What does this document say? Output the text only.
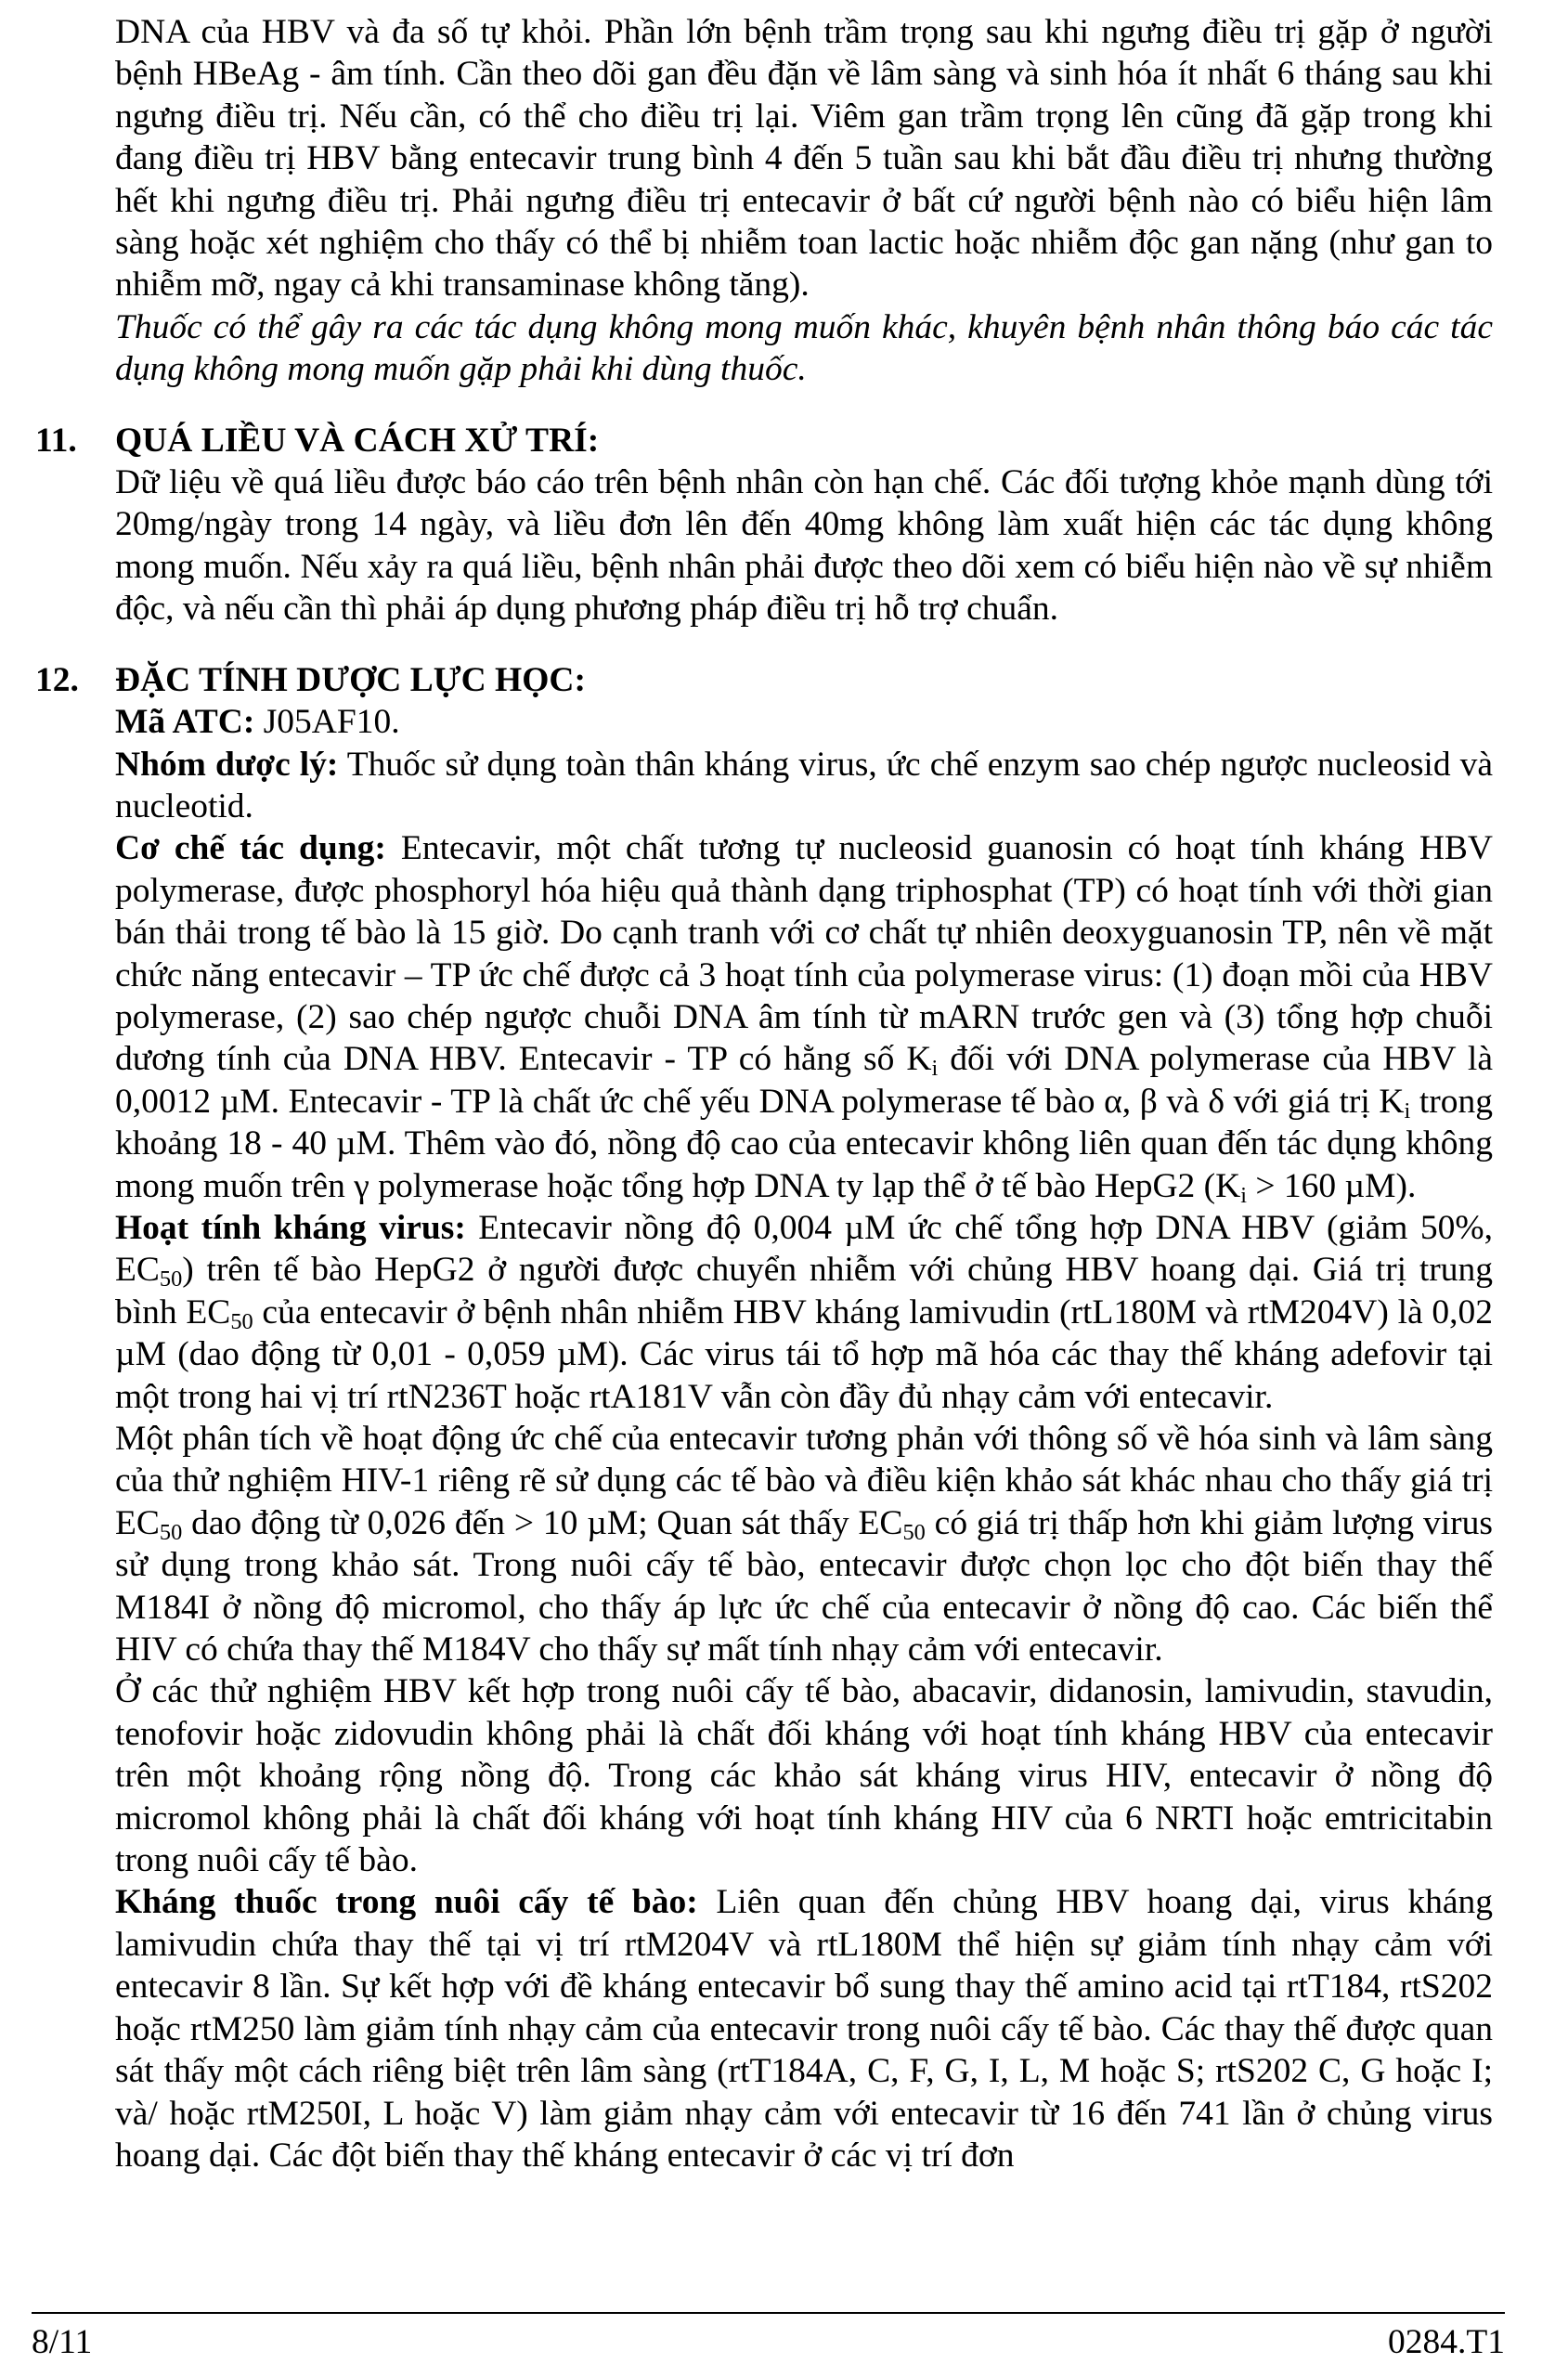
DNA của HBV và đa số tự khỏi. Phần lớn bệnh trầm trọng sau khi ngưng điều trị gặp ở người bệnh HBeAg - âm tính. Cần theo dõi gan đều đặn về lâm sàng và sinh hóa ít nhất 6 tháng sau khi ngưng điều trị. Nếu cần, có thể cho điều trị lại. Viêm gan trầm trọng lên cũng đã gặp trong khi đang điều trị HBV bằng entecavir trung bình 4 đến 5 tuần sau khi bắt đầu điều trị nhưng thường hết khi ngưng điều trị. Phải ngưng điều trị entecavir ở bất cứ người bệnh nào có biểu hiện lâm sàng hoặc xét nghiệm cho thấy có thể bị nhiễm toan lactic hoặc nhiễm độc gan nặng (như gan to nhiễm mỡ, ngay cả khi transaminase không tăng).

Thuốc có thể gây ra các tác dụng không mong muốn khác, khuyên bệnh nhân thông báo các tác dụng không mong muốn gặp phải khi dùng thuốc.

11.	QUÁ LIỀU VÀ CÁCH XỬ TRÍ:

Dữ liệu về quá liều được báo cáo trên bệnh nhân còn hạn chế. Các đối tượng khỏe mạnh dùng tới 20mg/ngày trong 14 ngày, và liều đơn lên đến 40mg không làm xuất hiện các tác dụng không mong muốn. Nếu xảy ra quá liều, bệnh nhân phải được theo dõi xem có biểu hiện nào về sự nhiễm độc, và nếu cần thì phải áp dụng phương pháp điều trị hỗ trợ chuẩn.

12.	ĐẶC TÍNH DƯỢC LỰC HỌC:

Mã ATC: J05AF10.

Nhóm dược lý: Thuốc sử dụng toàn thân kháng virus, ức chế enzym sao chép ngược nucleosid và nucleotid.

Cơ chế tác dụng: Entecavir, một chất tương tự nucleosid guanosin có hoạt tính kháng HBV polymerase, được phosphoryl hóa hiệu quả thành dạng triphosphat (TP) có hoạt tính với thời gian bán thải trong tế bào là 15 giờ. Do cạnh tranh với cơ chất tự nhiên deoxyguanosin TP, nên về mặt chức năng entecavir – TP ức chế được cả 3 hoạt tính của polymerase virus: (1) đoạn mồi của HBV polymerase, (2) sao chép ngược chuỗi DNA âm tính từ mARN trước gen và (3) tổng hợp chuỗi dương tính của DNA HBV. Entecavir - TP có hằng số $K_i$ đối với DNA polymerase của HBV là 0,0012 µM. Entecavir - TP là chất ức chế yếu DNA polymerase tế bào α, β và δ với giá trị $K_i$ trong khoảng 18 - 40 µM. Thêm vào đó, nồng độ cao của entecavir không liên quan đến tác dụng không mong muốn trên γ polymerase hoặc tổng hợp DNA ty lạp thể ở tế bào HepG2 ($K_i > 160$ µM).

Hoạt tính kháng virus: Entecavir nồng độ 0,004 µM ức chế tổng hợp DNA HBV (giảm 50%, $EC_{50}$) trên tế bào HepG2 ở người được chuyển nhiễm với chủng HBV hoang dại. Giá trị trung bình $EC_{50}$ của entecavir ở bệnh nhân nhiễm HBV kháng lamivudin (rtL180M và rtM204V) là 0,02 µM (dao động từ 0,01 - 0,059 µM). Các virus tái tổ hợp mã hóa các thay thế kháng adefovir tại một trong hai vị trí rtN236T hoặc rtA181V vẫn còn đầy đủ nhạy cảm với entecavir.

Một phân tích về hoạt động ức chế của entecavir tương phản với thông số về hóa sinh và lâm sàng của thử nghiệm HIV-1 riêng rẽ sử dụng các tế bào và điều kiện khảo sát khác nhau cho thấy giá trị $EC_{50}$ dao động từ 0,026 đến > 10 µM; Quan sát thấy $EC_{50}$ có giá trị thấp hơn khi giảm lượng virus sử dụng trong khảo sát. Trong nuôi cấy tế bào, entecavir được chọn lọc cho đột biến thay thế M184I ở nồng độ micromol, cho thấy áp lực ức chế của entecavir ở nồng độ cao. Các biến thể HIV có chứa thay thế M184V cho thấy sự mất tính nhạy cảm với entecavir.

Ở các thử nghiệm HBV kết hợp trong nuôi cấy tế bào, abacavir, didanosin, lamivudin, stavudin, tenofovir hoặc zidovudin không phải là chất đối kháng với hoạt tính kháng HBV của entecavir trên một khoảng rộng nồng độ. Trong các khảo sát kháng virus HIV, entecavir ở nồng độ micromol không phải là chất đối kháng với hoạt tính kháng HIV của 6 NRTI hoặc emtricitabin trong nuôi cấy tế bào.

Kháng thuốc trong nuôi cấy tế bào: Liên quan đến chủng HBV hoang dại, virus kháng lamivudin chứa thay thế tại vị trí rtM204V và rtL180M thể hiện sự giảm tính nhạy cảm với entecavir 8 lần. Sự kết hợp với đề kháng entecavir bổ sung thay thế amino acid tại rtT184, rtS202 hoặc rtM250 làm giảm tính nhạy cảm của entecavir trong nuôi cấy tế bào. Các thay thế được quan sát thấy một cách riêng biệt trên lâm sàng (rtT184A, C, F, G, I, L, M hoặc S; rtS202 C, G hoặc I; và/ hoặc rtM250I, L hoặc V) làm giảm nhạy cảm với entecavir từ 16 đến 741 lần ở chủng virus hoang dại. Các đột biến thay thế kháng entecavir ở các vị trí đơn

8/11	0284.T1
